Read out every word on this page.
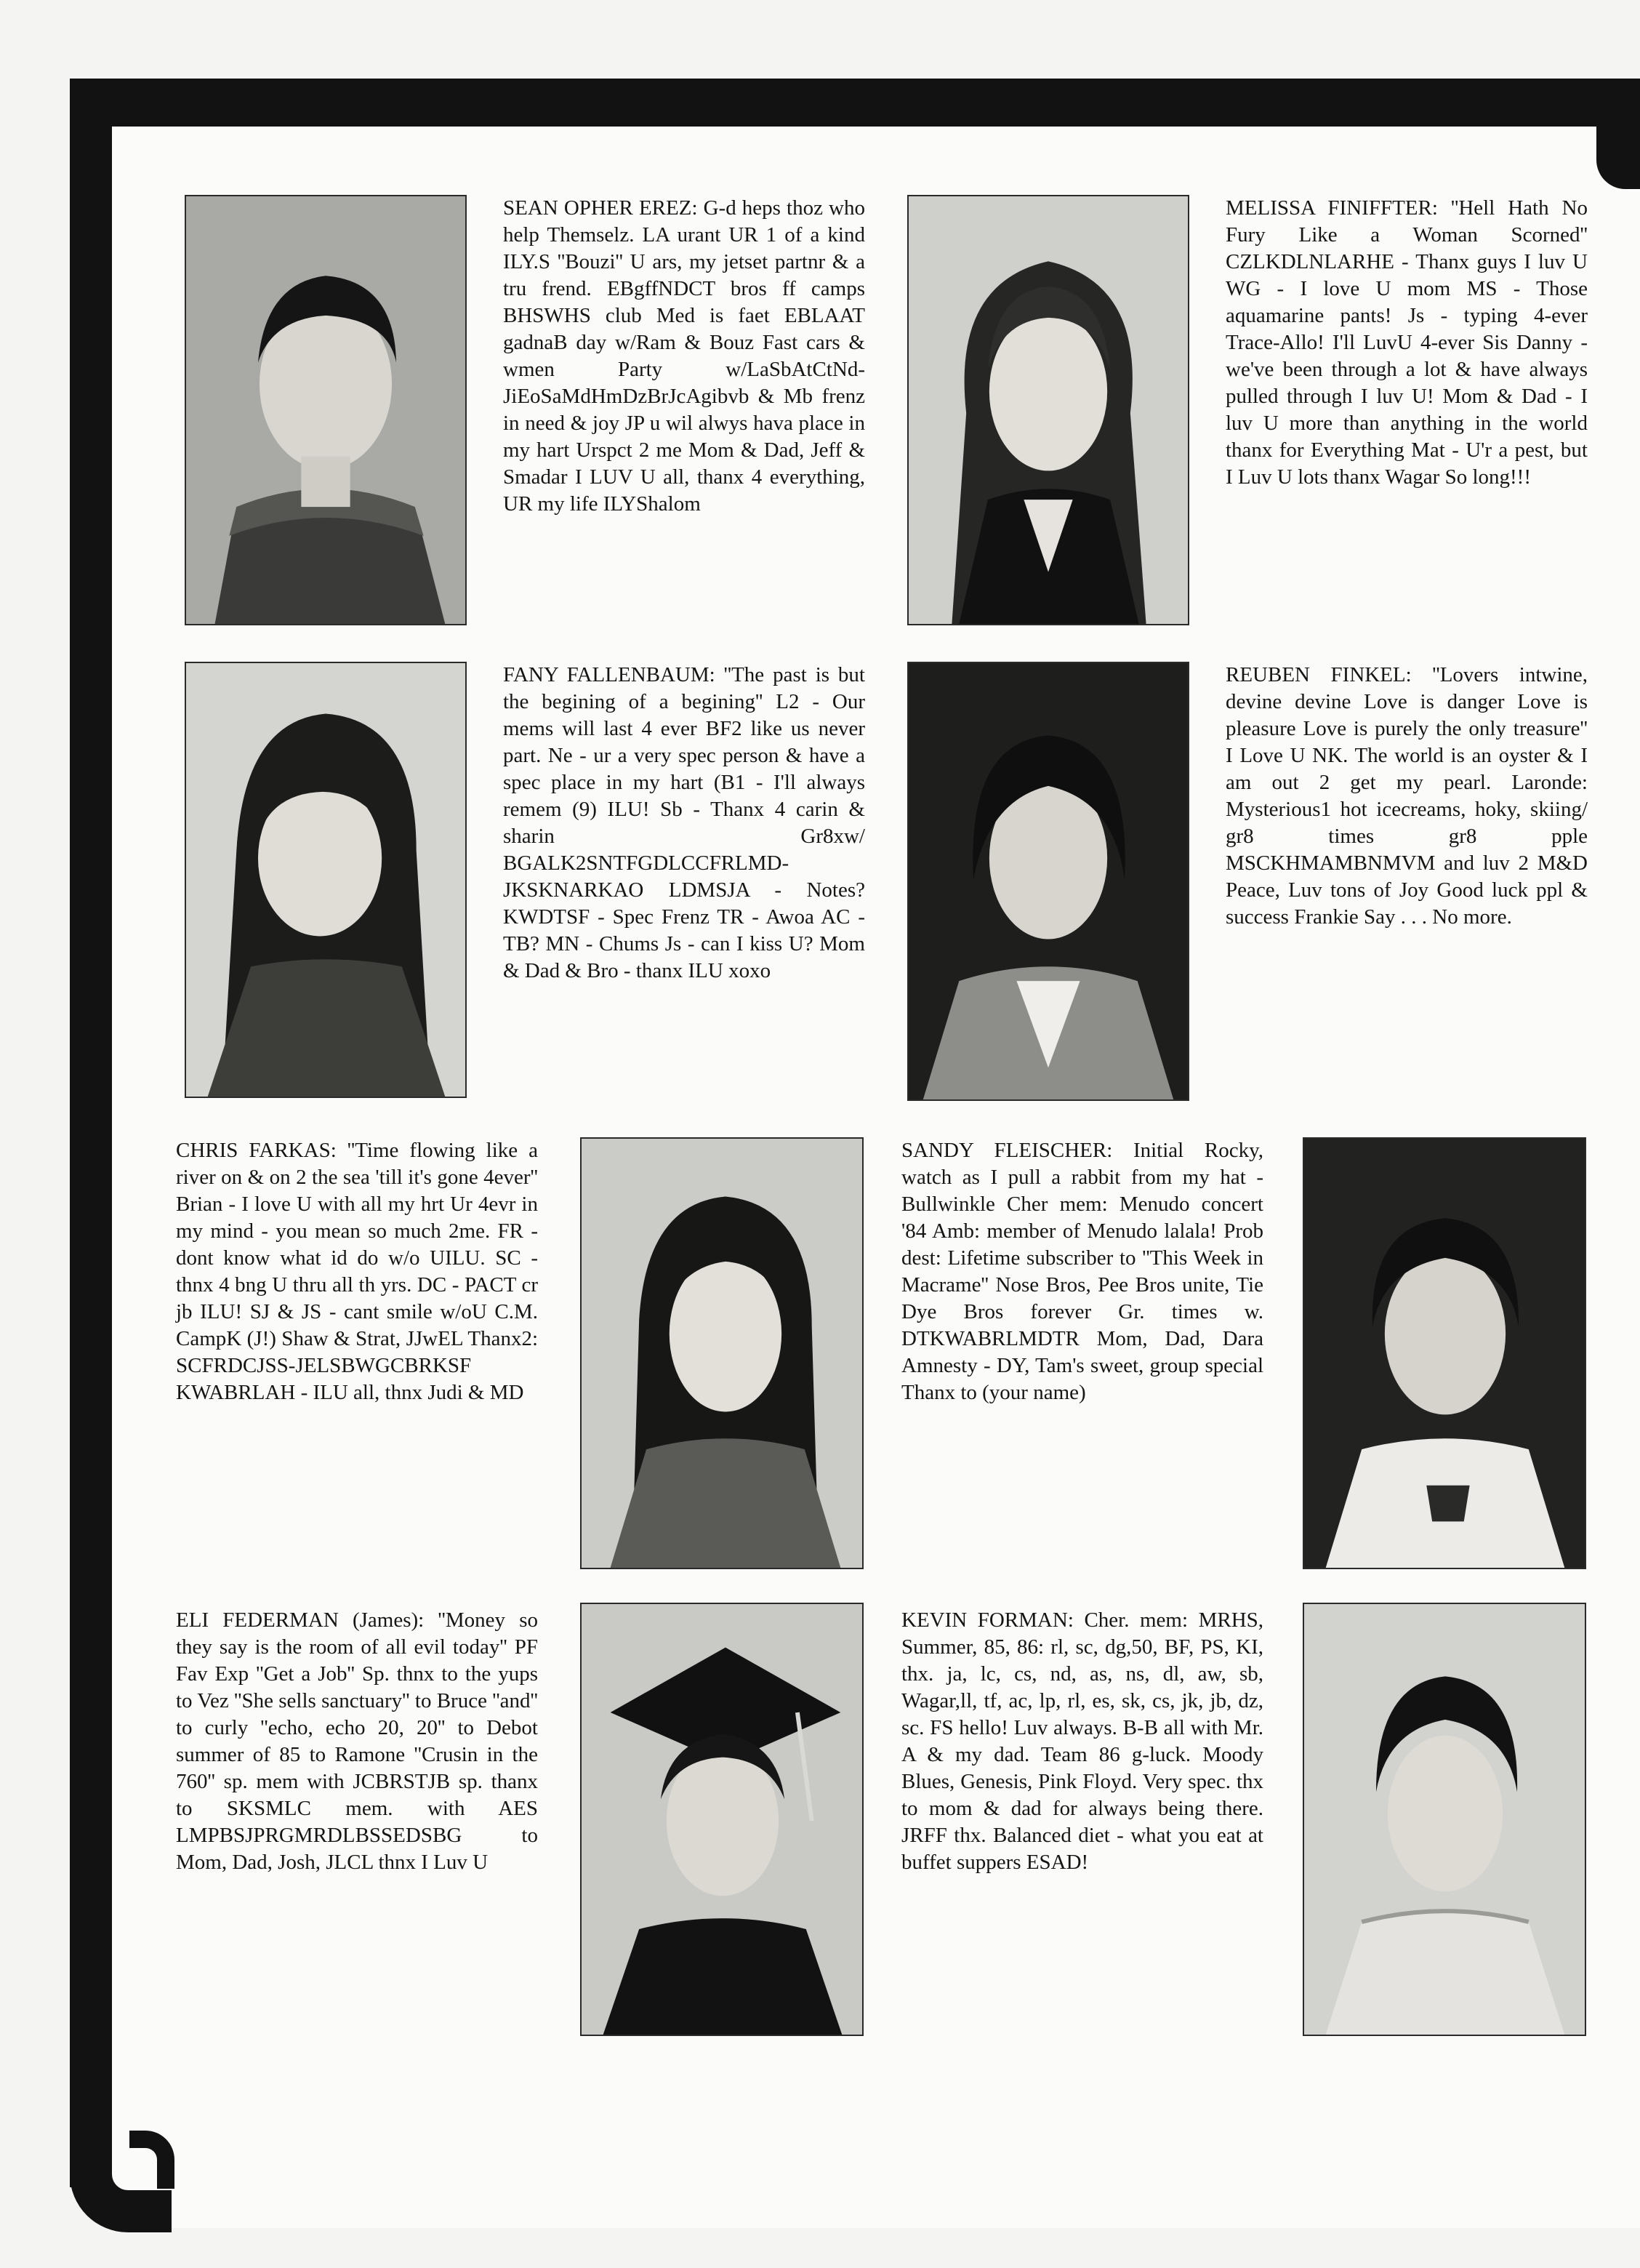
SEAN OPHER EREZ: G-d heps thoz who help Themselz. LA urant UR 1 of a kind ILY.S ''Bouzi'' U ars, my jetset partnr & a tru frend. EBgffNDCT bros ff camps BHSWHS club Med is faet EBLAAT gadnaB day w/Ram & Bouz Fast cars & wmen Party w/LaSbAtCtNd-JiEoSaMdHmDzBrJcAgibvb & Mb frenz in need & joy JP u wil alwys hava place in my hart Urspct 2 me Mom & Dad, Jeff & Smadar I LUV U all, thanx 4 everything, UR my life ILYShalom
MELISSA FINIFFTER: ''Hell Hath No Fury Like a Woman Scorned'' CZLKDLNLARHE - Thanx guys I luv U WG - I love U mom MS - Those aquamarine pants! Js - typing 4-ever Trace-Allo! I'll LuvU 4-ever Sis Danny - we've been through a lot & have always pulled through I luv U! Mom & Dad - I luv U more than anything in the world thanx for Everything Mat - U'r a pest, but I Luv U lots thanx Wagar So long!!!
FANY FALLENBAUM: ''The past is but the begining of a begining'' L2 - Our mems will last 4 ever BF2 like us never part. Ne - ur a very spec person & have a spec place in my hart (B1 - I'll always remem (9) ILU! Sb - Thanx 4 carin & sharin Gr8xw/ BGALK2SNTFGDLCCFRLMD-JKSKNARKAO LDMSJA - Notes? KWDTSF - Spec Frenz TR - Awoa AC - TB? MN - Chums Js - can I kiss U? Mom & Dad & Bro - thanx ILU xoxo
REUBEN FINKEL: ''Lovers intwine, devine devine Love is danger Love is pleasure Love is purely the only treasure'' I Love U NK. The world is an oyster & I am out 2 get my pearl. Laronde: Mysterious1 hot icecreams, hoky, skiing/ gr8 times gr8 pple MSCKHMAMBNMVM and luv 2 M&D Peace, Luv tons of Joy Good luck ppl & success Frankie Say . . . No more.
CHRIS FARKAS: ''Time flowing like a river on & on 2 the sea 'till it's gone 4ever'' Brian - I love U with all my hrt Ur 4evr in my mind - you mean so much 2me. FR - dont know what id do w/o UILU. SC - thnx 4 bng U thru all th yrs. DC - PACT cr jb ILU! SJ & JS - cant smile w/oU C.M. CampK (J!) Shaw & Strat, JJwEL Thanx2: SCFRDCJSS-JELSBWGCBRKSF KWABRLAH - ILU all, thnx Judi & MD
SANDY FLEISCHER: Initial Rocky, watch as I pull a rabbit from my hat - Bullwinkle Cher mem: Menudo concert '84 Amb: member of Menudo lalala! Prob dest: Lifetime subscriber to ''This Week in Macrame'' Nose Bros, Pee Bros unite, Tie Dye Bros forever Gr. times w. DTKWABRLMDTR Mom, Dad, Dara Amnesty - DY, Tam's sweet, group special Thanx to (your name)
ELI FEDERMAN (James): ''Money so they say is the room of all evil today'' PF Fav Exp ''Get a Job'' Sp. thnx to the yups to Vez ''She sells sanctuary'' to Bruce ''and'' to curly ''echo, echo 20, 20'' to Debot summer of 85 to Ramone ''Crusin in the 760'' sp. mem with JCBRSTJB sp. thanx to SKSMLC mem. with AES LMPBSJPRGMRDLBSSEDSBG to Mom, Dad, Josh, JLCL thnx I Luv U
KEVIN FORMAN: Cher. mem: MRHS, Summer, 85, 86: rl, sc, dg,50, BF, PS, KI, thx. ja, lc, cs, nd, as, ns, dl, aw, sb, Wagar,ll, tf, ac, lp, rl, es, sk, cs, jk, jb, dz, sc. FS hello! Luv always. B-B all with Mr. A & my dad. Team 86 g-luck. Moody Blues, Genesis, Pink Floyd. Very spec. thx to mom & dad for always being there. JRFF thx. Balanced diet - what you eat at buffet suppers ESAD!
